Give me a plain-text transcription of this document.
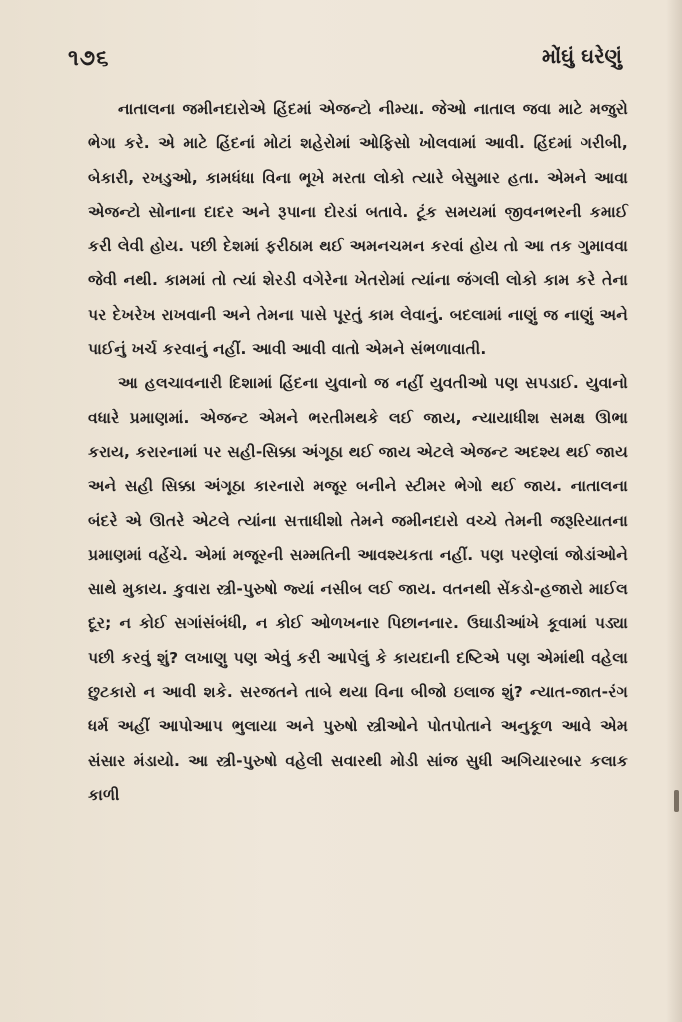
૧૭૬	મોંઘું ઘરેણું

નાતાલના જમીનદારોએ હિંદમાં એજન્ટો નીમ્યા. જેઓ નાતાલ જવા માટે મજુરો ભેગા કરે. એ માટે હિંદનાં મોટાં શહેરોમાં ઓફિસો ખોલવામાં આવી. હિંદમાં ગરીબી, બેકારી, રખડુઓ, કામધંધા વિના ભૂખે મરતા લોકો ત્યારે બેસુમાર હતા. એમને આવા એજન્ટો સોનાના દાદર અને રૂપાના દોરડાં બતાવે. ટૂંક સમયમાં જીવનભરની કમાઈ કરી લેવી હોય. પછી દેશમાં ફરીઠામ થઈ અમનચમન કરવાં હોય તો આ તક ગુમાવવા જેવી નથી. કામમાં તો ત્યાં શેરડી વગેરેના ખેતરોમાં ત્યાંના જંગલી લોકો કામ કરે તેના પર દેખરેખ રાખવાની અને તેમના પાસે પૂરતું કામ લેવાનું. બદલામાં નાણું જ નાણું અને પાઈનું ખર્ચ કરવાનું નહીં. આવી આવી વાતો એમને સંભળાવાતી.

આ હલચાવનારી દિશામાં હિંદના યુવાનો જ નહીં યુવતીઓ પણ સપડાઈ. યુવાનો વધારે પ્રમાણમાં. એજન્ટ એમને ભરતીમથકે લઈ જાય, ન્યાયાધીશ સમક્ષ ઊભા કરાય, કરારનામાં પર સહી-સિક્કા અંગૂઠા થઈ જાય એટલે એજન્ટ અદશ્ય થઈ જાય અને સહી સિક્કા અંગૂઠા કારનારો મજૂર બનીને સ્ટીમર ભેગો થઈ જાય. નાતાલના બંદરે એ ઊતરે એટલે ત્યાંના સત્તાધીશો તેમને જમીનદારો વચ્ચે તેમની જરૂરિયાતના પ્રમાણમાં વહેંચે. એમાં મજૂરની સમ્મતિની આવશ્યકતા નહીં. પણ પરણેલાં જોડાંઓને સાથે મુકાય. કુવારા સ્ત્રી-પુરુષો જ્યાં નસીબ લઈ જાય. વતનથી સેંકડો-હજારો માઈલ દૂર; ન કોઈ સગાંસંબંધી, ન કોઈ ઓળખનાર પિછાનનાર. ઉઘાડીઆંખે કૂવામાં પડ્યા પછી કરવું શું? લખાણુ પણ એવું કરી આપેલું કે કાયદાની દષ્ટિએ પણ એમાંથી વહેલા છુટકારો ન આવી શકે. સરજતને તાબે થયા વિના બીજો ઇલાજ શું? ન્યાત-જાત-રંગ ધર્મ અહીં આપોઆપ ભુલાયા અને પુરુષો સ્ત્રીઓને પોતપોતાને અનુકૂળ આવે એમ સંસાર મંડાયો. આ સ્ત્રી-પુરુષો વહેલી સવારથી મોડી સાંજ સુધી અગિયારબાર કલાક કાળી
